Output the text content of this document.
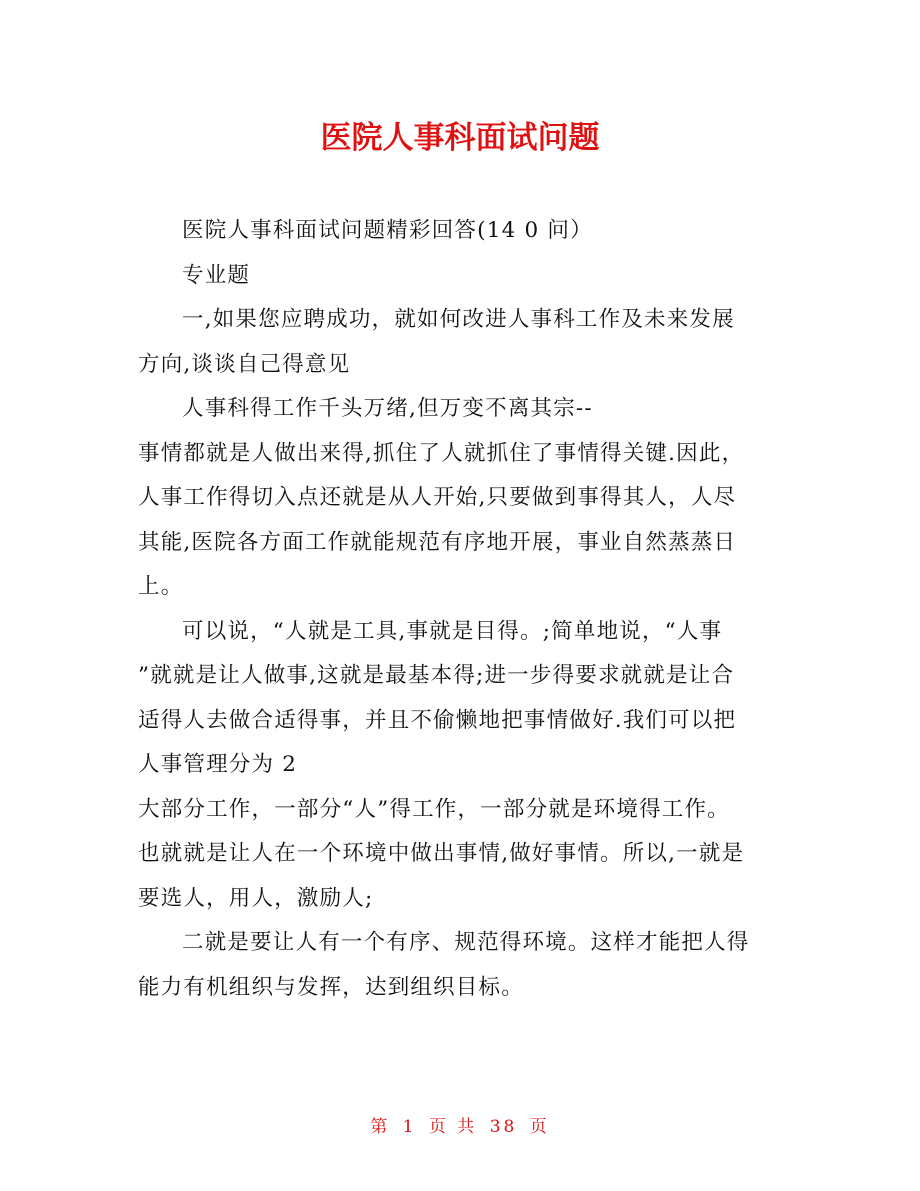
医院人事科面试问题

医院人事科面试问题精彩回答(14 0 问）

专业题

一,如果您应聘成功，就如何改进人事科工作及未来发展

方向,谈谈自己得意见

人事科得工作千头万绪,但万变不离其宗--

事情都就是人做出来得,抓住了人就抓住了事情得关键.因此，

人事工作得切入点还就是从人开始,只要做到事得其人，人尽

其能,医院各方面工作就能规范有序地开展，事业自然蒸蒸日

上。

可以说，“人就是工具,事就是目得。;简单地说，“人事

”就就是让人做事,这就是最基本得;进一步得要求就就是让合

适得人去做合适得事，并且不偷懒地把事情做好.我们可以把

人事管理分为 2

大部分工作，一部分“人”得工作，一部分就是环境得工作。

也就就是让人在一个环境中做出事情,做好事情。所以,一就是

要选人，用人，激励人;

二就是要让人有一个有序、规范得环境。这样才能把人得

能力有机组织与发挥，达到组织目标。

第 1 页 共 38 页
